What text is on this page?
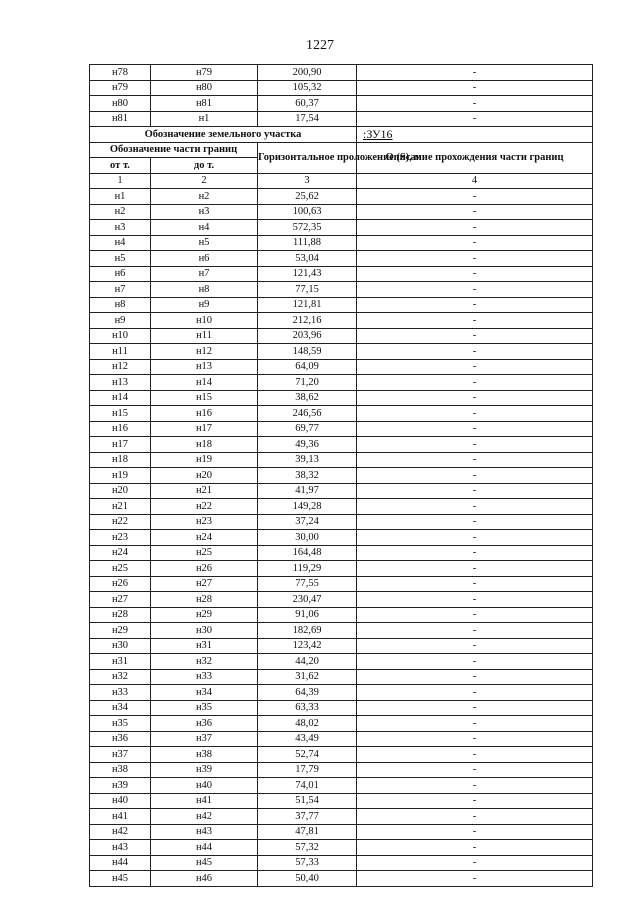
1227
н78	н79	200,90	-
н79	н80	105,32	-
н80	н81	60,37	-
н81	н1	17,54	-
Обозначение земельного участка			:ЗУ16
Обозначение части границ		Горизонтальное проложение (S), м	Описание прохождения части границ
от т.	до т.		
1	2	3	4
н1	н2	25,62	-
н2	н3	100,63	-
н3	н4	572,35	-
н4	н5	111,88	-
н5	н6	53,04	-
н6	н7	121,43	-
н7	н8	77,15	-
н8	н9	121,81	-
н9	н10	212,16	-
н10	н11	203,96	-
н11	н12	148,59	-
н12	н13	64,09	-
н13	н14	71,20	-
н14	н15	38,62	-
н15	н16	246,56	-
н16	н17	69,77	-
н17	н18	49,36	-
н18	н19	39,13	-
н19	н20	38,32	-
н20	н21	41,97	-
н21	н22	149,28	-
н22	н23	37,24	-
н23	н24	30,00	-
н24	н25	164,48	-
н25	н26	119,29	-
н26	н27	77,55	-
н27	н28	230,47	-
н28	н29	91,06	-
н29	н30	182,69	-
н30	н31	123,42	-
н31	н32	44,20	-
н32	н33	31,62	-
н33	н34	64,39	-
н34	н35	63,33	-
н35	н36	48,02	-
н36	н37	43,49	-
н37	н38	52,74	-
н38	н39	17,79	-
н39	н40	74,01	-
н40	н41	51,54	-
н41	н42	37,77	-
н42	н43	47,81	-
н43	н44	57,32	-
н44	н45	57,33	-
н45	н46	50,40	-
